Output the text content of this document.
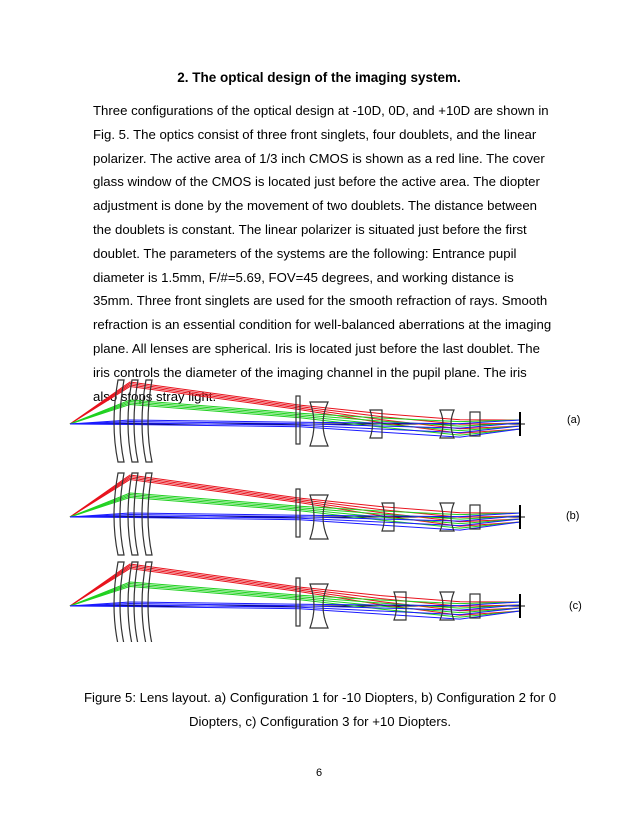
2. The optical design of the imaging system.

Three configurations of the optical design at -10D, 0D, and +10D are shown in Fig. 5. The optics consist of three front singlets, four doublets, and the linear polarizer. The active area of 1/3 inch CMOS is shown as a red line. The cover glass window of the CMOS is located just before the active area. The diopter adjustment is done by the movement of two doublets. The distance between the doublets is constant. The linear polarizer is situated just before the first doublet. The parameters of the systems are the following: Entrance pupil diameter is 1.5mm, F/#=5.69, FOV=45 degrees, and working distance is 35mm. Three front singlets are used for the smooth refraction of rays. Smooth refraction is an essential condition for well-balanced aberrations at the imaging plane. All lenses are spherical. Iris is located just before the last doublet. The iris controls the diameter of the imaging channel in the pupil plane. The iris also stops stray light.

(a)
(b)
(c)

Figure 5: Lens layout. a) Configuration 1 for -10 Diopters, b) Configuration 2 for 0 Diopters, c) Configuration 3 for +10 Diopters.

6
